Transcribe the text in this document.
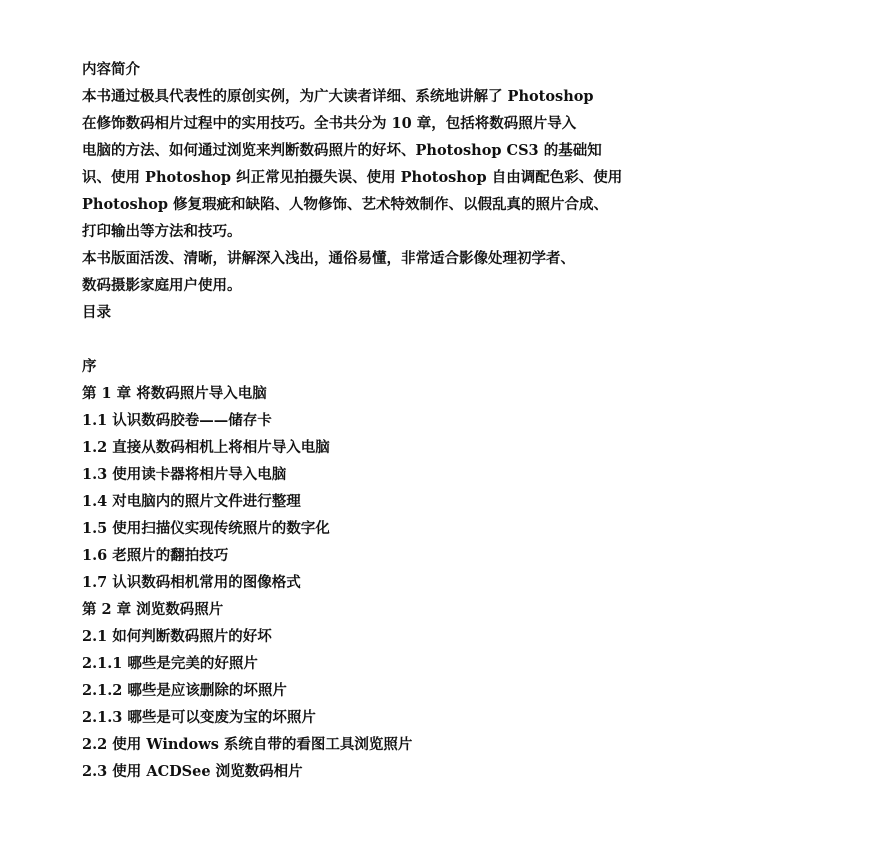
内容简介
本书通过极具代表性的原创实例，为广大读者详细、系统地讲解了 Photoshop
在修饰数码相片过程中的实用技巧。全书共分为 10 章，包括将数码照片导入
电脑的方法、如何通过浏览来判断数码照片的好坏、Photoshop CS3 的基础知
识、使用 Photoshop 纠正常见拍摄失误、使用 Photoshop 自由调配色彩、使用
Photoshop 修复瑕疵和缺陷、人物修饰、艺术特效制作、以假乱真的照片合成、
打印输出等方法和技巧。
本书版面活泼、清晰，讲解深入浅出，通俗易懂，非常适合影像处理初学者、
数码摄影家庭用户使用。
目录
序
第 1 章 将数码照片导入电脑
1.1 认识数码胶卷——储存卡
1.2 直接从数码相机上将相片导入电脑
1.3 使用读卡器将相片导入电脑
1.4 对电脑内的照片文件进行整理
1.5 使用扫描仪实现传统照片的数字化
1.6 老照片的翻拍技巧
1.7 认识数码相机常用的图像格式
第 2 章 浏览数码照片
2.1 如何判断数码照片的好坏
2.1.1 哪些是完美的好照片
2.1.2 哪些是应该删除的坏照片
2.1.3 哪些是可以变废为宝的坏照片
2.2 使用 Windows 系统自带的看图工具浏览照片
2.3 使用 ACDSee 浏览数码相片
